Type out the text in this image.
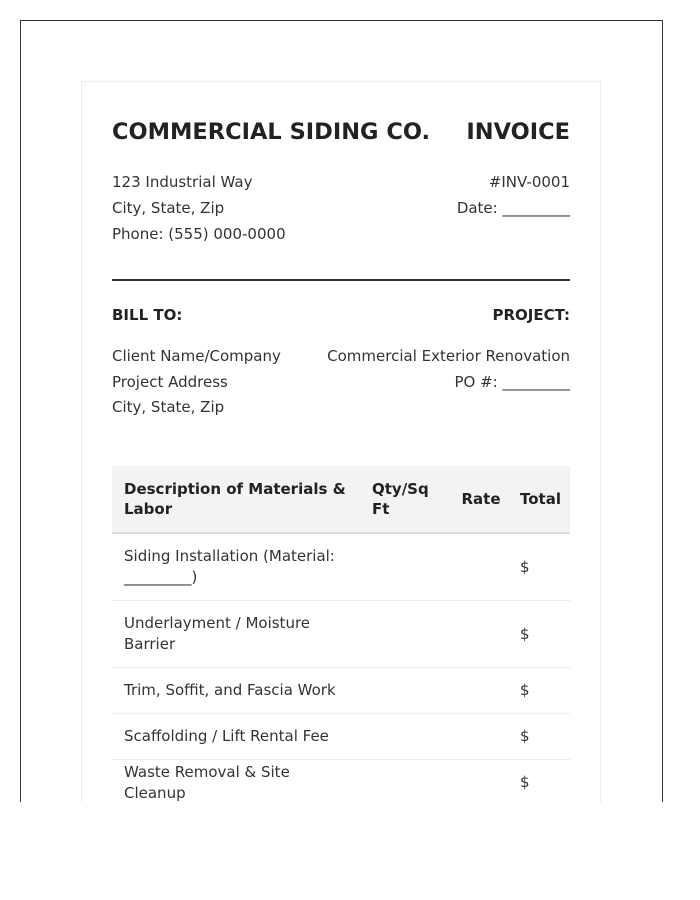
COMMERCIAL SIDING CO. INVOICE
123 Industrial Way
City, State, Zip
Phone: (555) 000-0000
#INV-0001
Date: _________
BILL TO:	PROJECT:
Client Name/Company
Project Address
City, State, Zip
Commercial Exterior Renovation
PO #: _________
Description of Materials & Labor	Qty/Sq Ft	Rate	Total
Siding Installation (Material: _________)			$
Underlayment / Moisture Barrier			$
Trim, Soffit, and Fascia Work			$
Scaffolding / Lift Rental Fee			$
Waste Removal & Site Cleanup			$
